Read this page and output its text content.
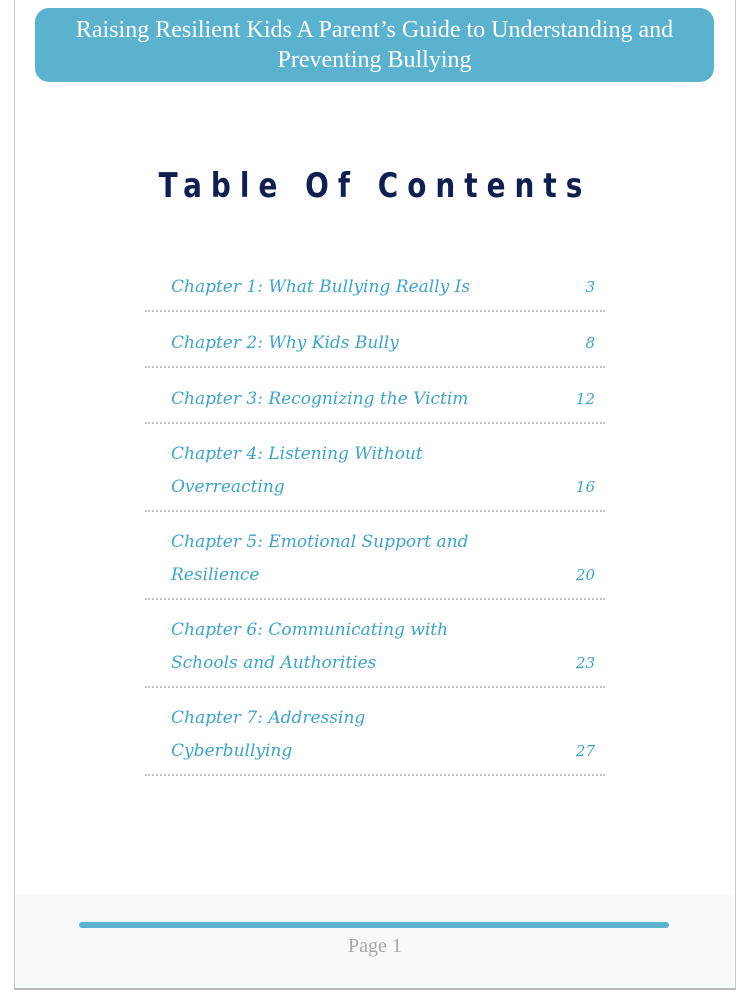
Raising Resilient Kids A Parent’s Guide to Understanding and Preventing Bullying
Table Of Contents
Chapter 1: What Bullying Really Is	3
Chapter 2: Why Kids Bully	8
Chapter 3: Recognizing the Victim	12
Chapter 4: Listening Without Overreacting	16
Chapter 5: Emotional Support and Resilience	20
Chapter 6: Communicating with Schools and Authorities	23
Chapter 7: Addressing Cyberbullying	27
Page 1
